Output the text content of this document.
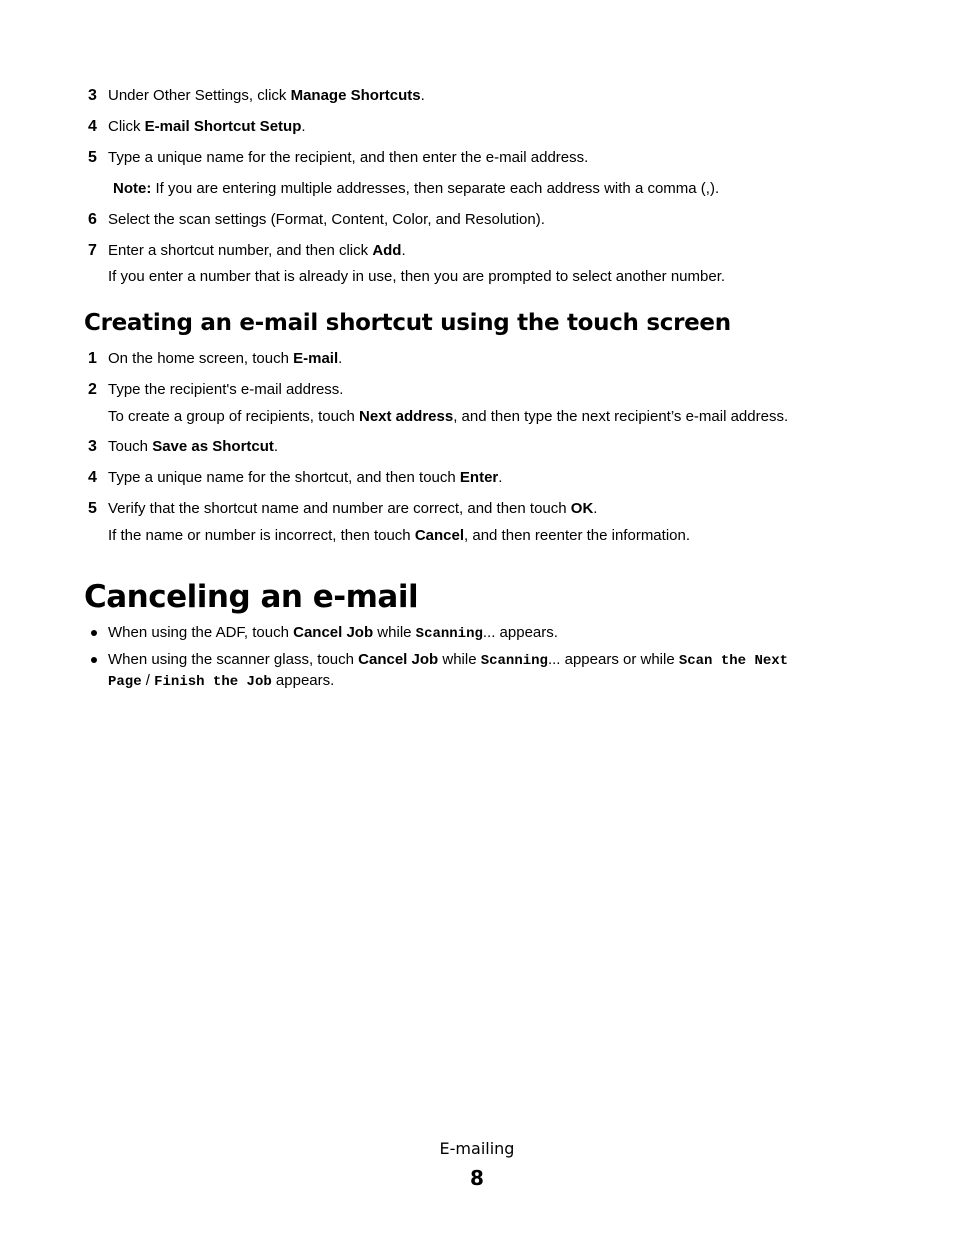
3 Under Other Settings, click Manage Shortcuts.
4 Click E-mail Shortcut Setup.
5 Type a unique name for the recipient, and then enter the e-mail address.
Note: If you are entering multiple addresses, then separate each address with a comma (,).
6 Select the scan settings (Format, Content, Color, and Resolution).
7 Enter a shortcut number, and then click Add.
If you enter a number that is already in use, then you are prompted to select another number.
Creating an e-mail shortcut using the touch screen
1 On the home screen, touch E-mail.
2 Type the recipient's e-mail address.
To create a group of recipients, touch Next address, and then type the next recipient’s e-mail address.
3 Touch Save as Shortcut.
4 Type a unique name for the shortcut, and then touch Enter.
5 Verify that the shortcut name and number are correct, and then touch OK.
If the name or number is incorrect, then touch Cancel, and then reenter the information.
Canceling an e-mail
When using the ADF, touch Cancel Job while Scanning... appears.
When using the scanner glass, touch Cancel Job while Scanning... appears or while Scan the Next
Page / Finish the Job appears.
E-mailing
8
